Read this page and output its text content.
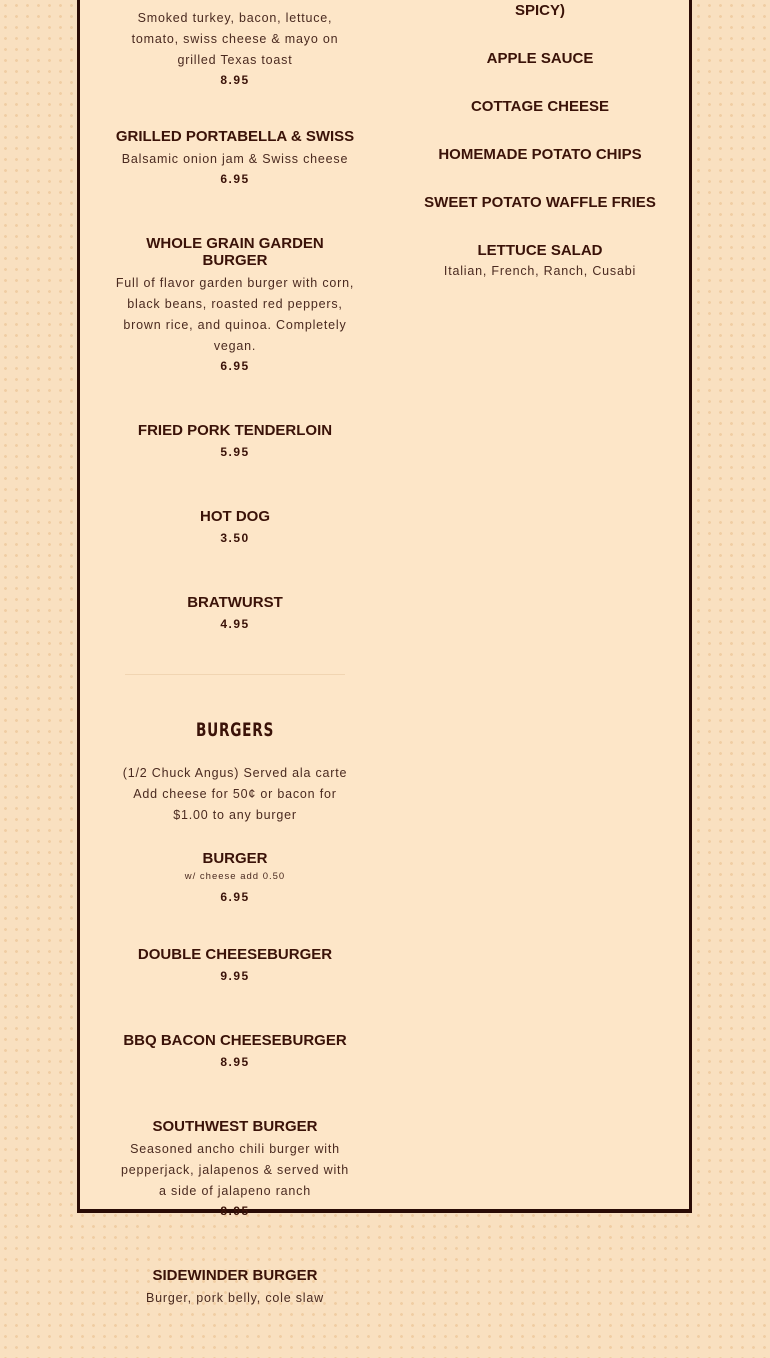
Smoked turkey, bacon, lettuce, tomato, swiss cheese & mayo on grilled Texas toast

8.95

GRILLED PORTABELLA & SWISS

Balsamic onion jam & Swiss cheese

6.95

WHOLE GRAIN GARDEN BURGER

Full of flavor garden burger with corn, black beans, roasted red peppers, brown rice, and quinoa. Completely vegan.

6.95

FRIED PORK TENDERLOIN

5.95

HOT DOG

3.50

BRATWURST

4.95

BURGERS

(1/2 Chuck Angus) Served ala carte Add cheese for 50¢ or bacon for $1.00 to any burger

BURGER

w/ cheese add 0.50

6.95

DOUBLE CHEESEBURGER

9.95

BBQ BACON CHEESEBURGER

8.95

SOUTHWEST BURGER

Seasoned ancho chili burger with pepperjack, jalapenos & served with a side of jalapeno ranch

8.95

SIDEWINDER BURGER

Burger, pork belly, cole slaw

SPICY)

APPLE SAUCE

COTTAGE CHEESE

HOMEMADE POTATO CHIPS

SWEET POTATO WAFFLE FRIES

LETTUCE SALAD

Italian, French, Ranch, Cusabi
